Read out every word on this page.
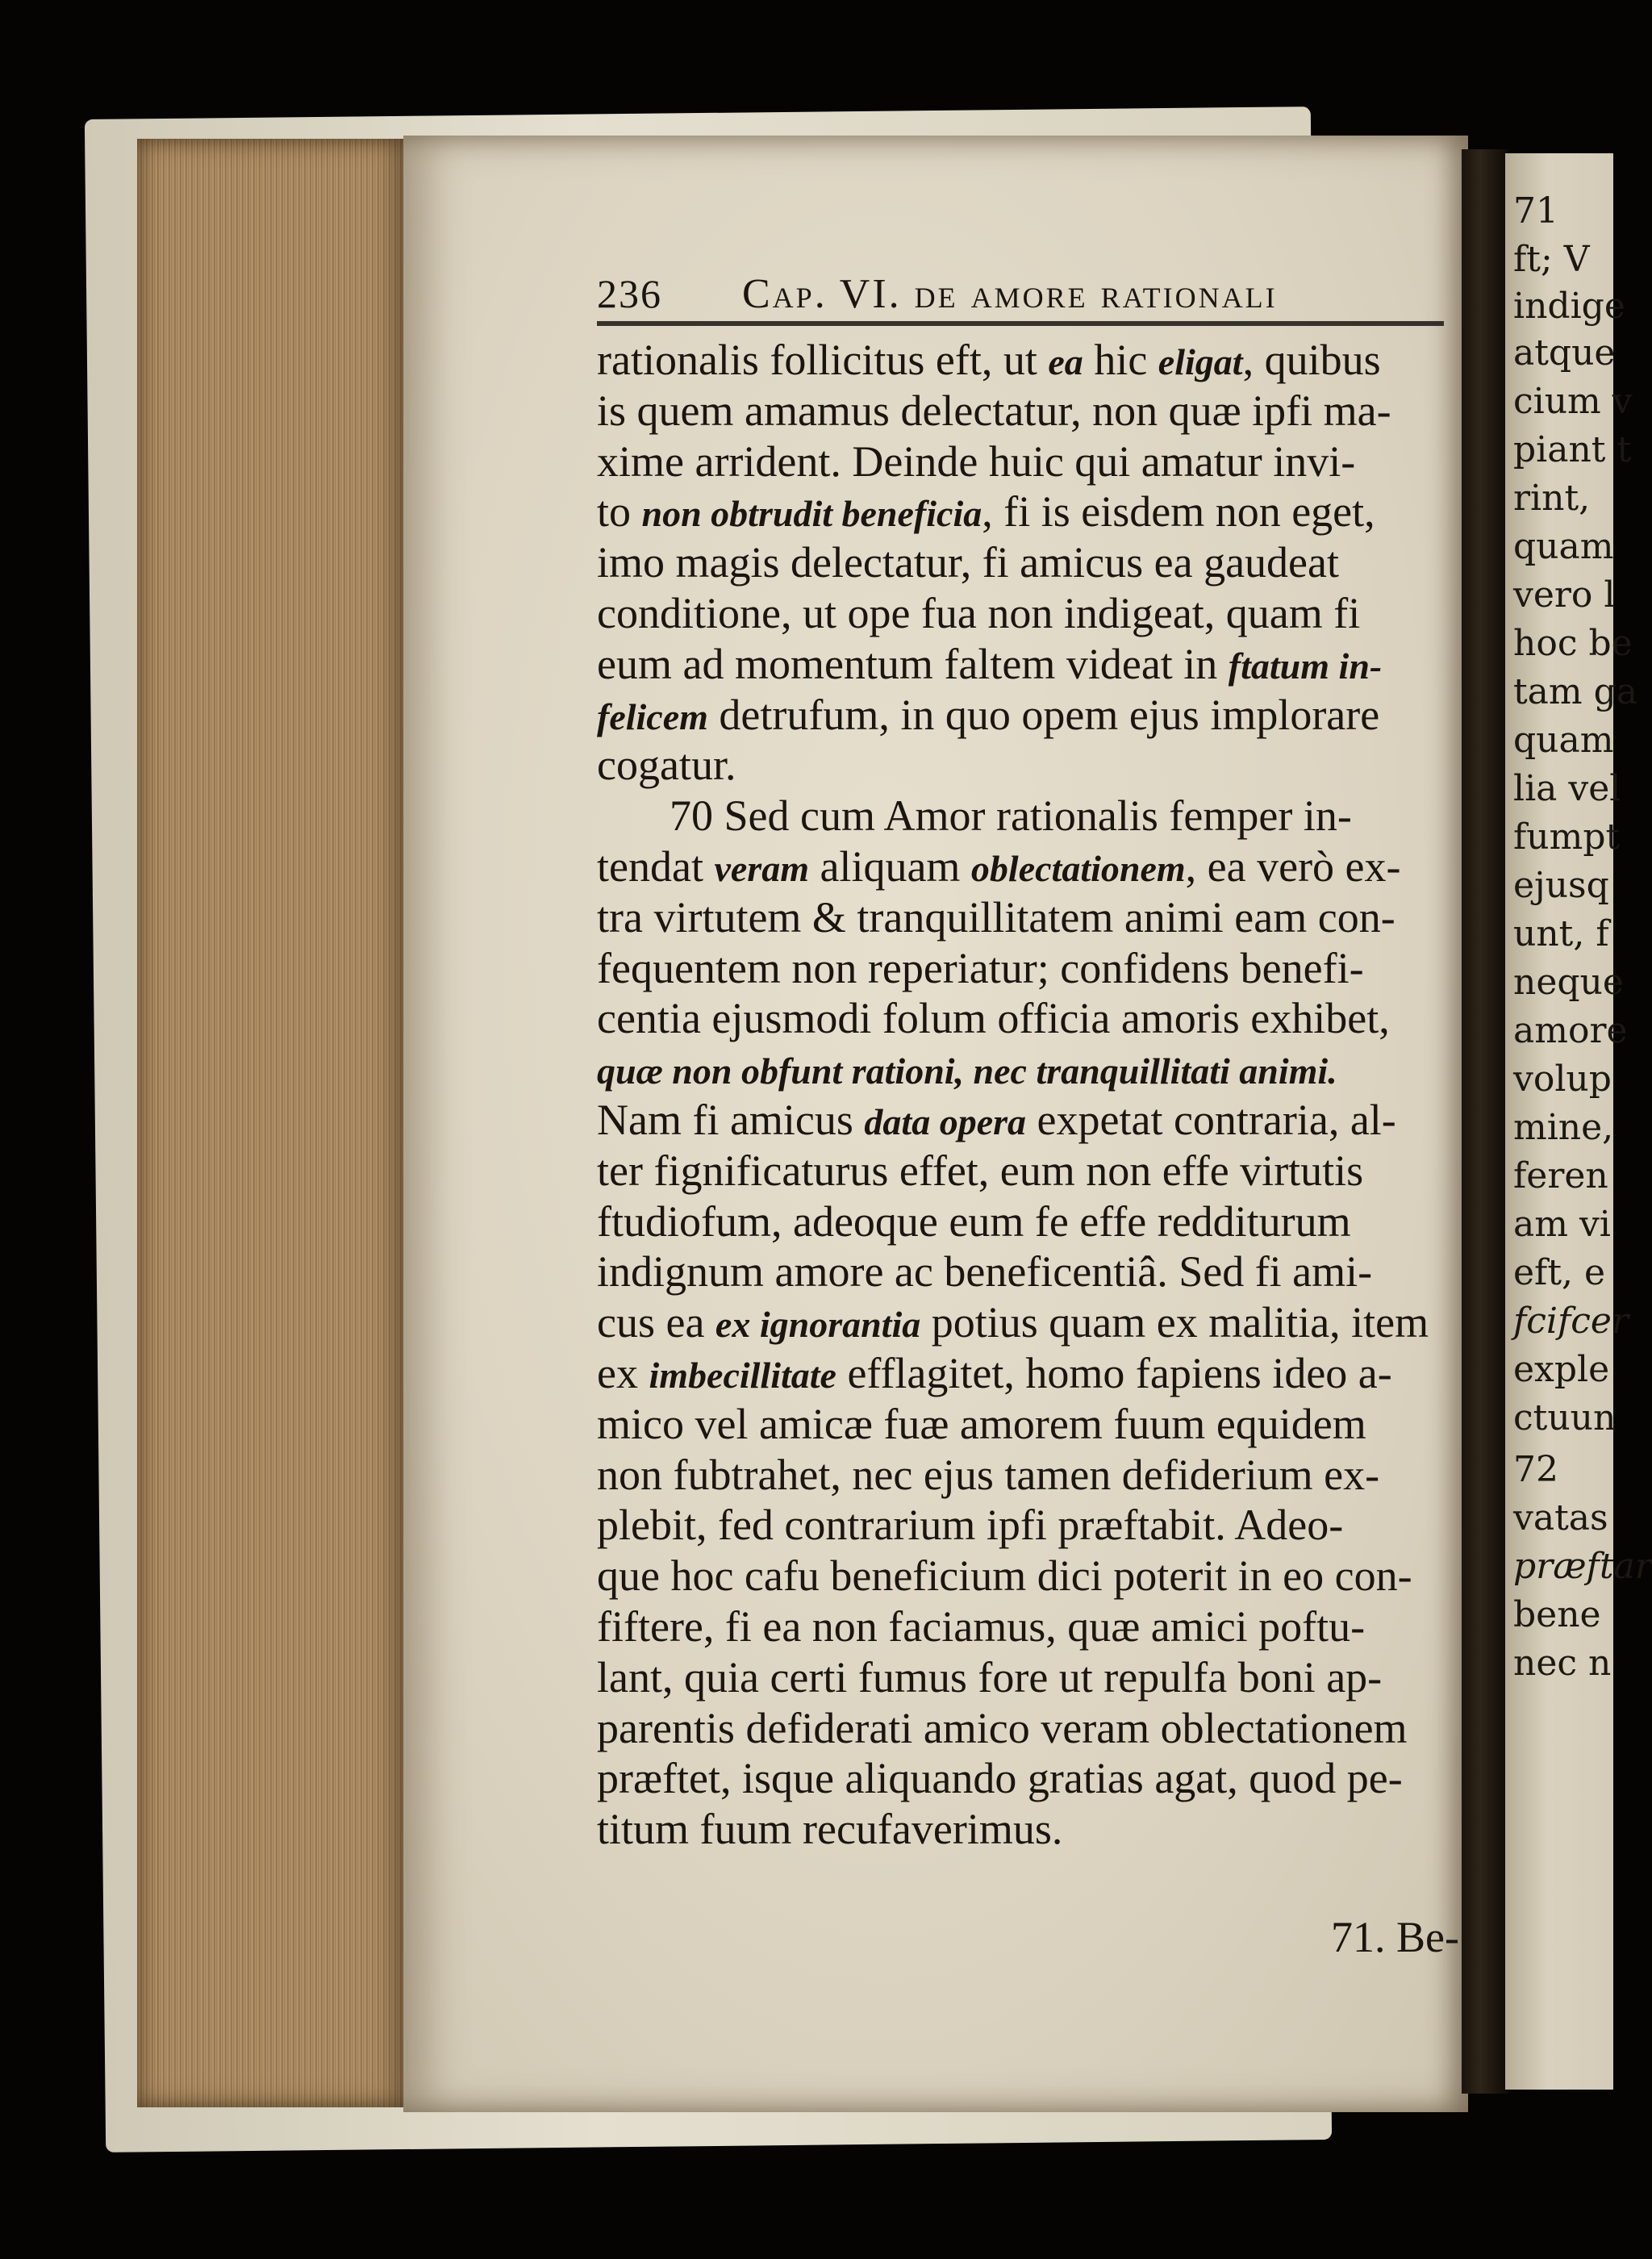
71
ft; V
indige
atque
cium v
piant t
rint,
quam
vero l
hoc be
tam ga
quam
lia vel
fumpt
ejusq
unt, f
neque
amore
volup
mine,
feren
am vi
eft, e
fcifcer
exple
ctuun
72
vatas
præftar
bene
nec n
236 Cap. VI. de amore rationali
rationalis follicitus eft, ut ea hic eligat, quibus
is quem amamus delectatur, non quæ ipfi ma-
xime arrident. Deinde huic qui amatur invi-
to non obtrudit beneficia, fi is eisdem non eget,
imo magis delectatur, fi amicus ea gaudeat
conditione, ut ope fua non indigeat, quam fi
eum ad momentum faltem videat in ftatum in-
felicem detrufum, in quo opem ejus implorare
cogatur.
70 Sed cum Amor rationalis femper in-
tendat veram aliquam oblectationem, ea verò ex-
tra virtutem & tranquillitatem animi eam con-
fequentem non reperiatur; confidens benefi-
centia ejusmodi folum officia amoris exhibet,
quæ non obfunt rationi, nec tranquillitati animi.
Nam fi amicus data opera expetat contraria, al-
ter fignificaturus effet, eum non effe virtutis
ftudiofum, adeoque eum fe effe redditurum
indignum amore ac beneficentiâ. Sed fi ami-
cus ea ex ignorantia potius quam ex malitia, item
ex imbecillitate efflagitet, homo fapiens ideo a-
mico vel amicæ fuæ amorem fuum equidem
non fubtrahet, nec ejus tamen defiderium ex-
plebit, fed contrarium ipfi præftabit. Adeo-
que hoc cafu beneficium dici poterit in eo con-
fiftere, fi ea non faciamus, quæ amici poftu-
lant, quia certi fumus fore ut repulfa boni ap-
parentis defiderati amico veram oblectationem
præftet, isque aliquando gratias agat, quod pe-
titum fuum recufaverimus.
71. Be-
